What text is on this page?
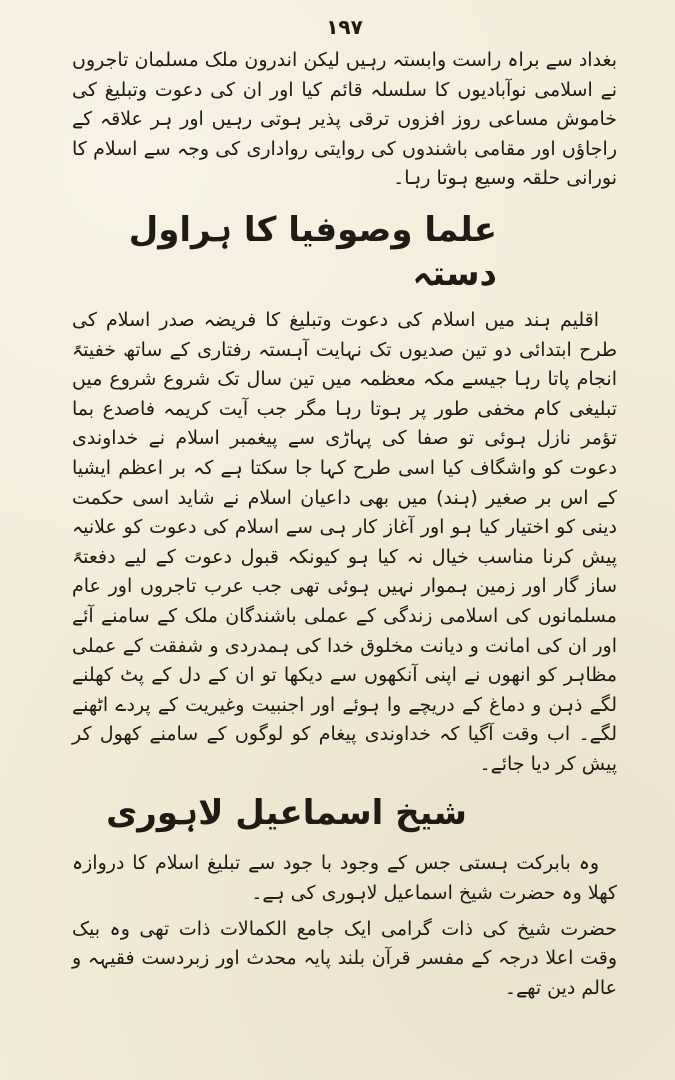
١٩٧

بغداد سے براہ راست وابستہ رہیں لیکن اندرون ملک مسلمان تاجروں نے اسلامی نوآبادیوں کا سلسلہ قائم کیا اور ان کی دعوت وتبلیغ کی خاموش مساعی روز افزوں ترقی پذیر ہوتی رہیں اور ہر علاقہ کے راجاؤں اور مقامی باشندوں کی روایتی رواداری کی وجہ سے اسلام کا نورانی حلقہ وسیع ہوتا رہا۔

علما وصوفیا کا ہراول دستہ

اقلیم ہند میں اسلام کی دعوت وتبلیغ کا فریضہ صدر اسلام کی طرح ابتدائی دو تین صدیوں تک نہایت آہستہ رفتاری کے ساتھ خفیتہً انجام پاتا رہا جیسے مکہ معظمہ میں تین سال تک شروع شروع میں تبلیغی کام مخفی طور پر ہوتا رہا مگر جب آیت کریمہ فاصدع بما تؤمر نازل ہوئی تو صفا کی پہاڑی سے پیغمبر اسلام نے خداوندی دعوت کو واشگاف کیا اسی طرح کہا جا سکتا ہے کہ بر اعظم ایشیا کے اس بر صغیر (ہند) میں بھی داعیان اسلام نے شاید اسی حکمت دینی کو اختیار کیا ہو اور آغاز کار ہی سے اسلام کی دعوت کو علانیہ پیش کرنا مناسب خیال نہ کیا ہو کیونکہ قبول دعوت کے لیے دفعتہً ساز گار اور زمین ہموار نہیں ہوئی تھی جب عرب تاجروں اور عام مسلمانوں کی اسلامی زندگی کے عملی باشندگان ملک کے سامنے آئے اور ان کی امانت و دیانت مخلوق خدا کی ہمدردی و شفقت کے عملی مظاہر کو انھوں نے اپنی آنکھوں سے دیکھا تو ان کے دل کے پٹ کھلنے لگے ذہن و دماغ کے دریچے وا ہوئے اور اجنبیت وغیریت کے پردے اٹھنے لگے۔ اب وقت آگیا کہ خداوندی پیغام کو لوگوں کے سامنے کھول کر پیش کر دیا جائے۔

شیخ اسماعیل لاہوری

وہ بابرکت ہستی جس کے وجود با جود سے تبلیغ اسلام کا دروازہ کھلا وہ حضرت شیخ اسماعیل لاہوری کی ہے۔

حضرت شیخ کی ذات گرامی ایک جامع الکمالات ذات تھی وہ بیک وقت اعلا درجہ کے مفسر قرآن بلند پایہ محدث اور زبردست فقیہہ و عالم دین تھے۔
